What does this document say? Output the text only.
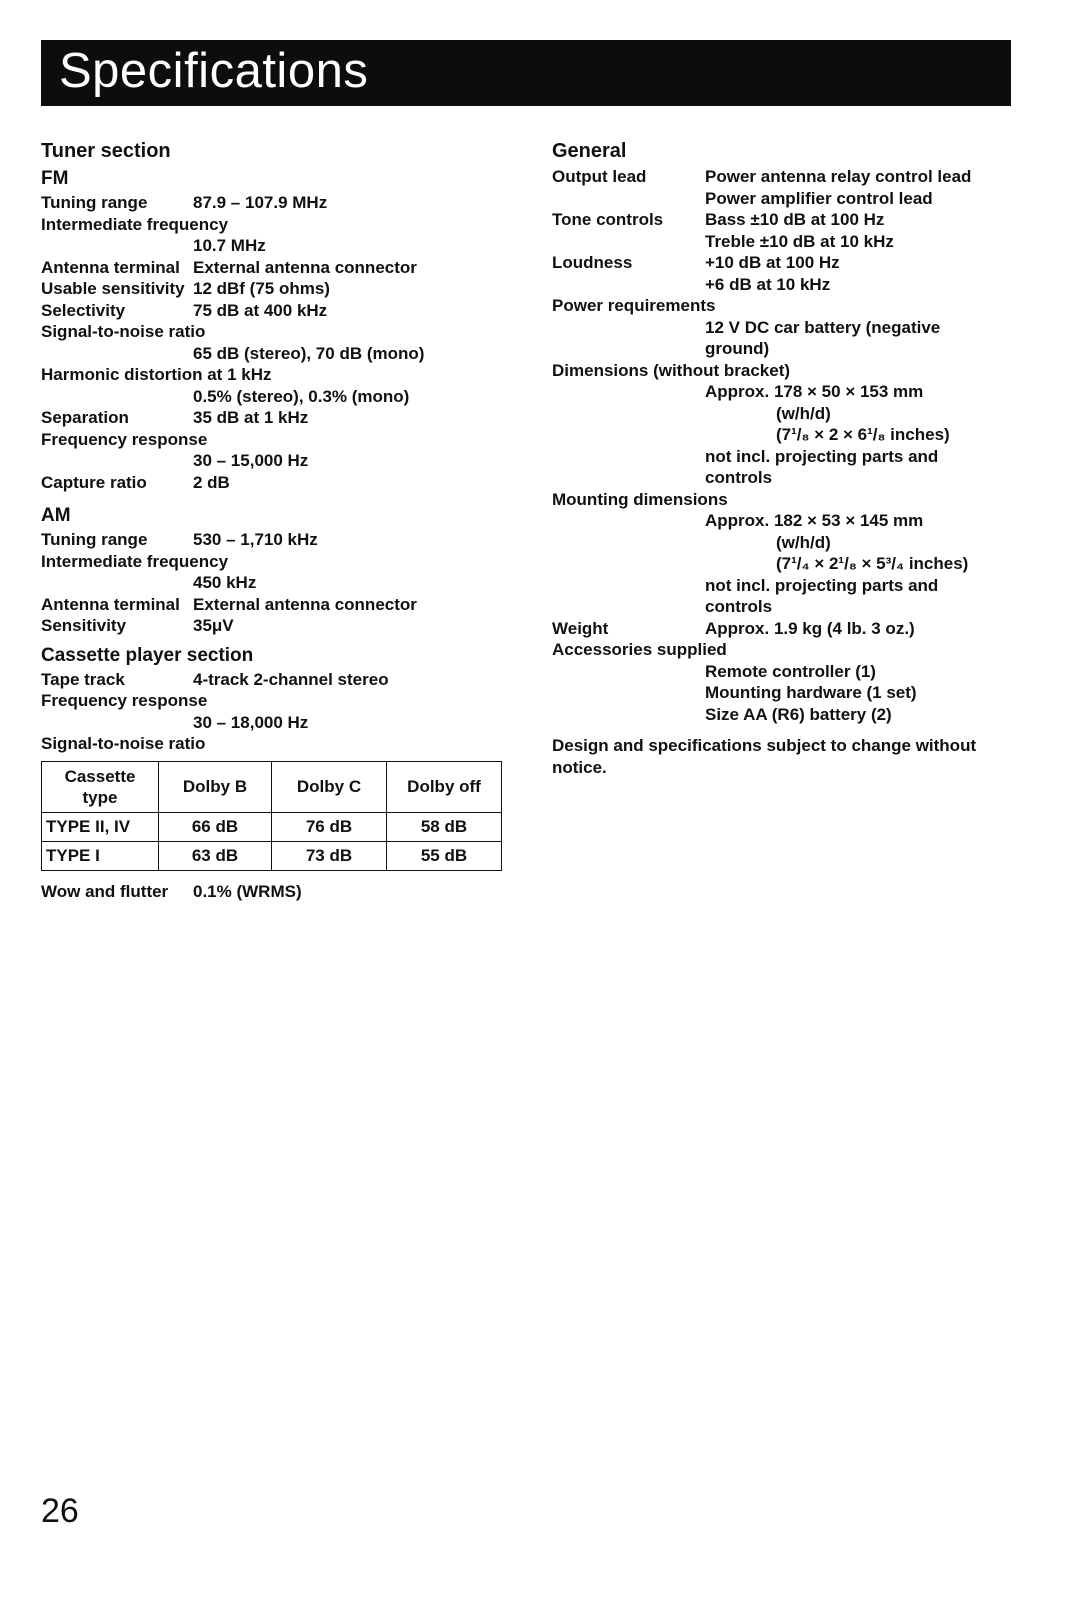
Specifications
Tuner section
FM
Tuning range	87.9 – 107.9 MHz
Intermediate frequency
10.7 MHz
Antenna terminal External antenna connector
Usable sensitivity 12 dBf (75 ohms)
Selectivity	75 dB at 400 kHz
Signal-to-noise ratio
65 dB (stereo), 70 dB (mono)
Harmonic distortion at 1 kHz
0.5% (stereo), 0.3% (mono)
Separation	35 dB at 1 kHz
Frequency response
30 – 15,000 Hz
Capture ratio	2 dB
AM
Tuning range	530 – 1,710 kHz
Intermediate frequency
450 kHz
Antenna terminal External antenna connector
Sensitivity	35μV
Cassette player section
Tape track	4-track 2-channel stereo
Frequency response
30 – 18,000 Hz
Signal-to-noise ratio
Cassette
type	Dolby B	Dolby C	Dolby off
TYPE II, IV	66 dB	76 dB	58 dB
TYPE I	63 dB	73 dB	55 dB
Wow and flutter 0.1% (WRMS)
General
Output lead	Power antenna relay control lead
Power amplifier control lead
Tone controls Bass ±10 dB at 100 Hz
Treble ±10 dB at 10 kHz
Loudness	+10 dB at 100 Hz
+6 dB at 10 kHz
Power requirements
12 V DC car battery (negative
ground)
Dimensions (without bracket)
Approx. 178 × 50 × 153 mm
(w/h/d)
(7¹/₈ × 2 × 6¹/₈ inches)
not incl. projecting parts and
controls
Mounting dimensions
Approx. 182 × 53 × 145 mm
(w/h/d)
(7¹/₄ × 2¹/₈ × 5³/₄ inches)
not incl. projecting parts and
controls
Weight	Approx. 1.9 kg (4 lb. 3 oz.)
Accessories supplied
Remote controller (1)
Mounting hardware (1 set)
Size AA (R6) battery (2)
Design and specifications subject to change without notice.
26
